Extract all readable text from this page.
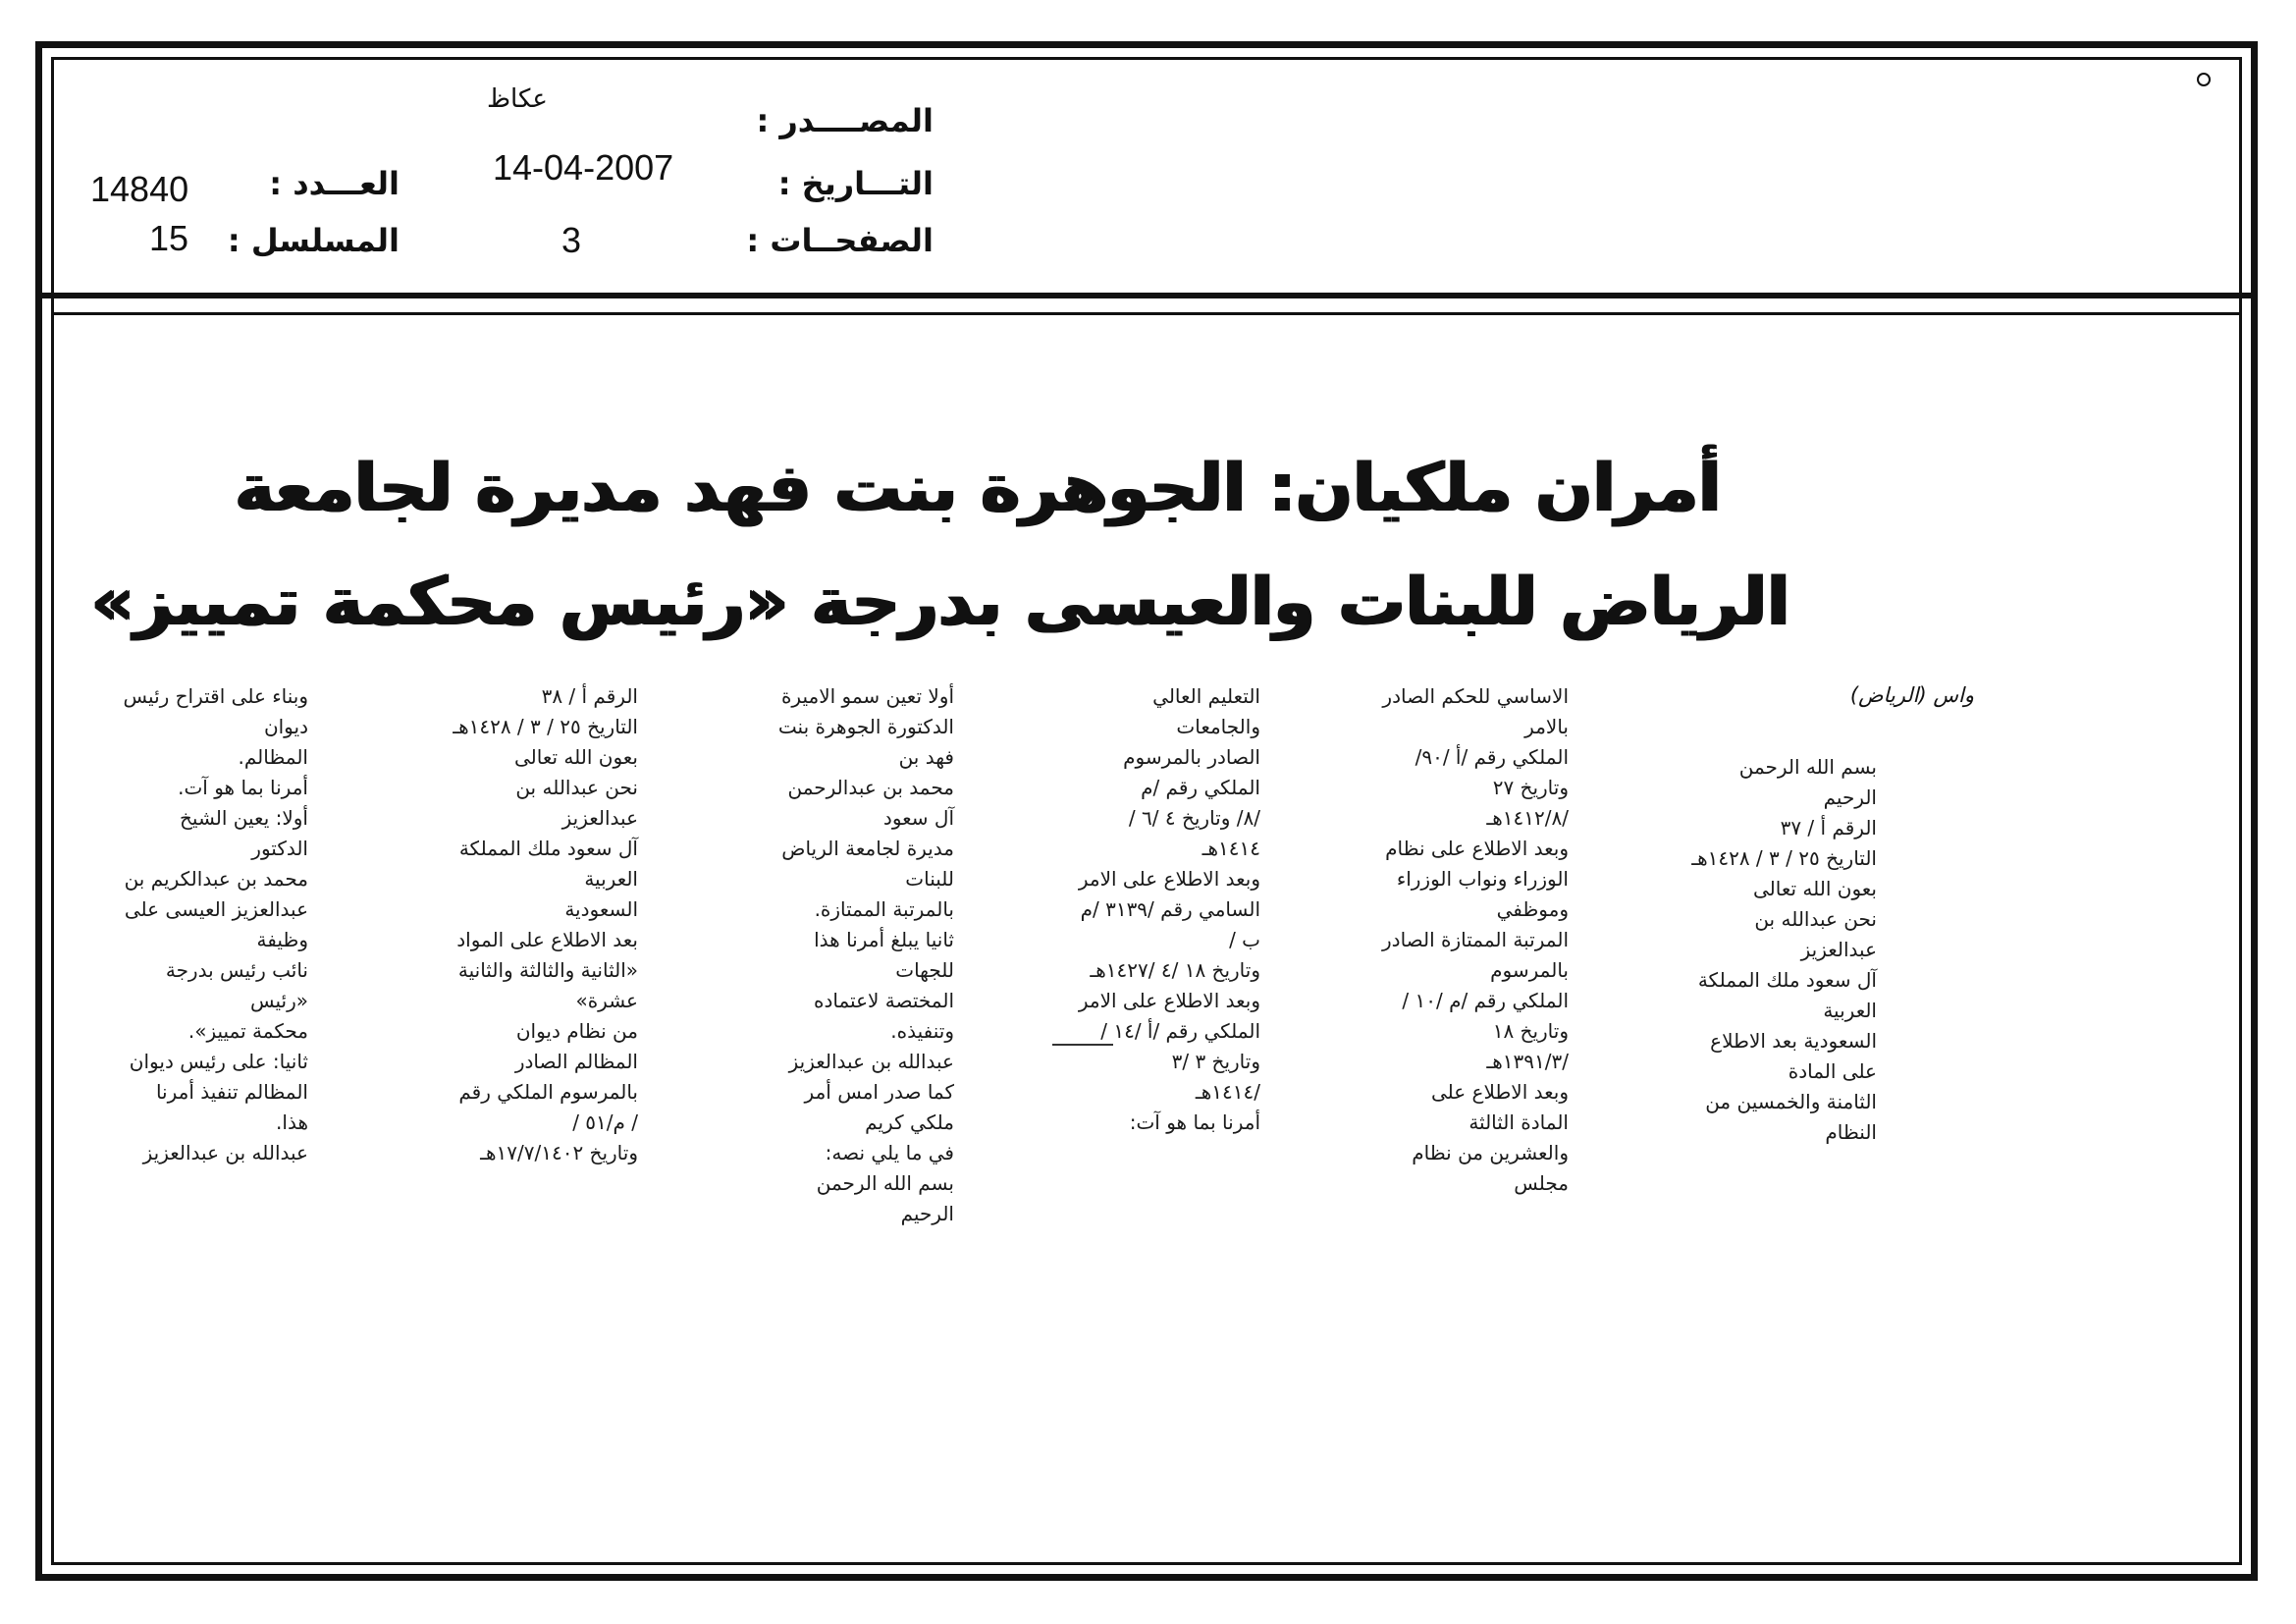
المصــــدر :
عكاظ
التـــاريخ :
14-04-2007
الصفحــات :
3
العـــدد :
14840
المسلسل :
15
أمران ملكيان: الجوهرة بنت فهد مديرة لجامعة
الرياض للبنات والعيسى بدرجة «رئيس محكمة تمييز»
واس (الرياض)

بسم الله الرحمن الرحيم
الرقم أ / ٣٧
التاريخ ٢٥ / ٣ / ١٤٢٨هـ
بعون الله تعالى
نحن عبدالله بن عبدالعزيز
آل سعود ملك المملكة العربية
السعودية بعد الاطلاع على المادة
الثامنة والخمسين من النظام

الاساسي للحكم الصادر بالامر
الملكي رقم /أ /٩٠/ وتاريخ ٢٧
/١٤١٢/٨هـ
وبعد الاطلاع على نظام
الوزراء ونواب الوزراء وموظفي
المرتبة الممتازة الصادر بالمرسوم
الملكي رقم /م /١٠ /وتاريخ ١٨
/١٣٩١/٣هـ
وبعد الاطلاع على المادة الثالثة
والعشرين من نظام مجلس

التعليم العالي والجامعات
الصادر بالمرسوم الملكي رقم /م
/٨/ وتاريخ ٤ /٦ /١٤١٤هـ
وبعد الاطلاع على الامر
السامي رقم /٣١٣٩ /م ب /
وتاريخ ١٨ /٤ /١٤٢٧هـ
وبعد الاطلاع على الامر
الملكي رقم /أ /١٤ /وتاريخ ٣ /٣
/١٤١٤هـ
أمرنا بما هو آت:

أولا تعين سمو الاميرة
الدكتورة الجوهرة بنت فهد بن
محمد بن عبدالرحمن آل سعود
مديرة لجامعة الرياض للبنات
بالمرتبة الممتازة.
ثانيا يبلغ أمرنا هذا للجهات
المختصة لاعتماده وتنفيذه.
عبدالله بن عبدالعزيز
كما صدر امس أمر ملكي كريم
في ما يلي نصه:
بسم الله الرحمن الرحيم

الرقم أ / ٣٨
التاريخ ٢٥ / ٣ / ١٤٢٨هـ
بعون الله تعالى
نحن عبدالله بن عبدالعزيز
آل سعود ملك المملكة العربية
السعودية
بعد الاطلاع على المواد
«الثانية والثالثة والثانية عشرة»
من نظام ديوان المظالم الصادر
بالمرسوم الملكي رقم / م/٥١ /
وتاريخ ١٧/٧/١٤٠٢هـ

وبناء على اقتراح رئيس ديوان
المظالم.
أمرنا بما هو آت.
أولا: يعين الشيخ الدكتور
محمد بن عبدالكريم بن
عبدالعزيز العيسى على وظيفة
نائب رئيس بدرجة «رئيس
محكمة تمييز».
ثانيا: على رئيس ديوان
المظالم تنفيذ أمرنا هذا.
عبدالله بن عبدالعزيز
